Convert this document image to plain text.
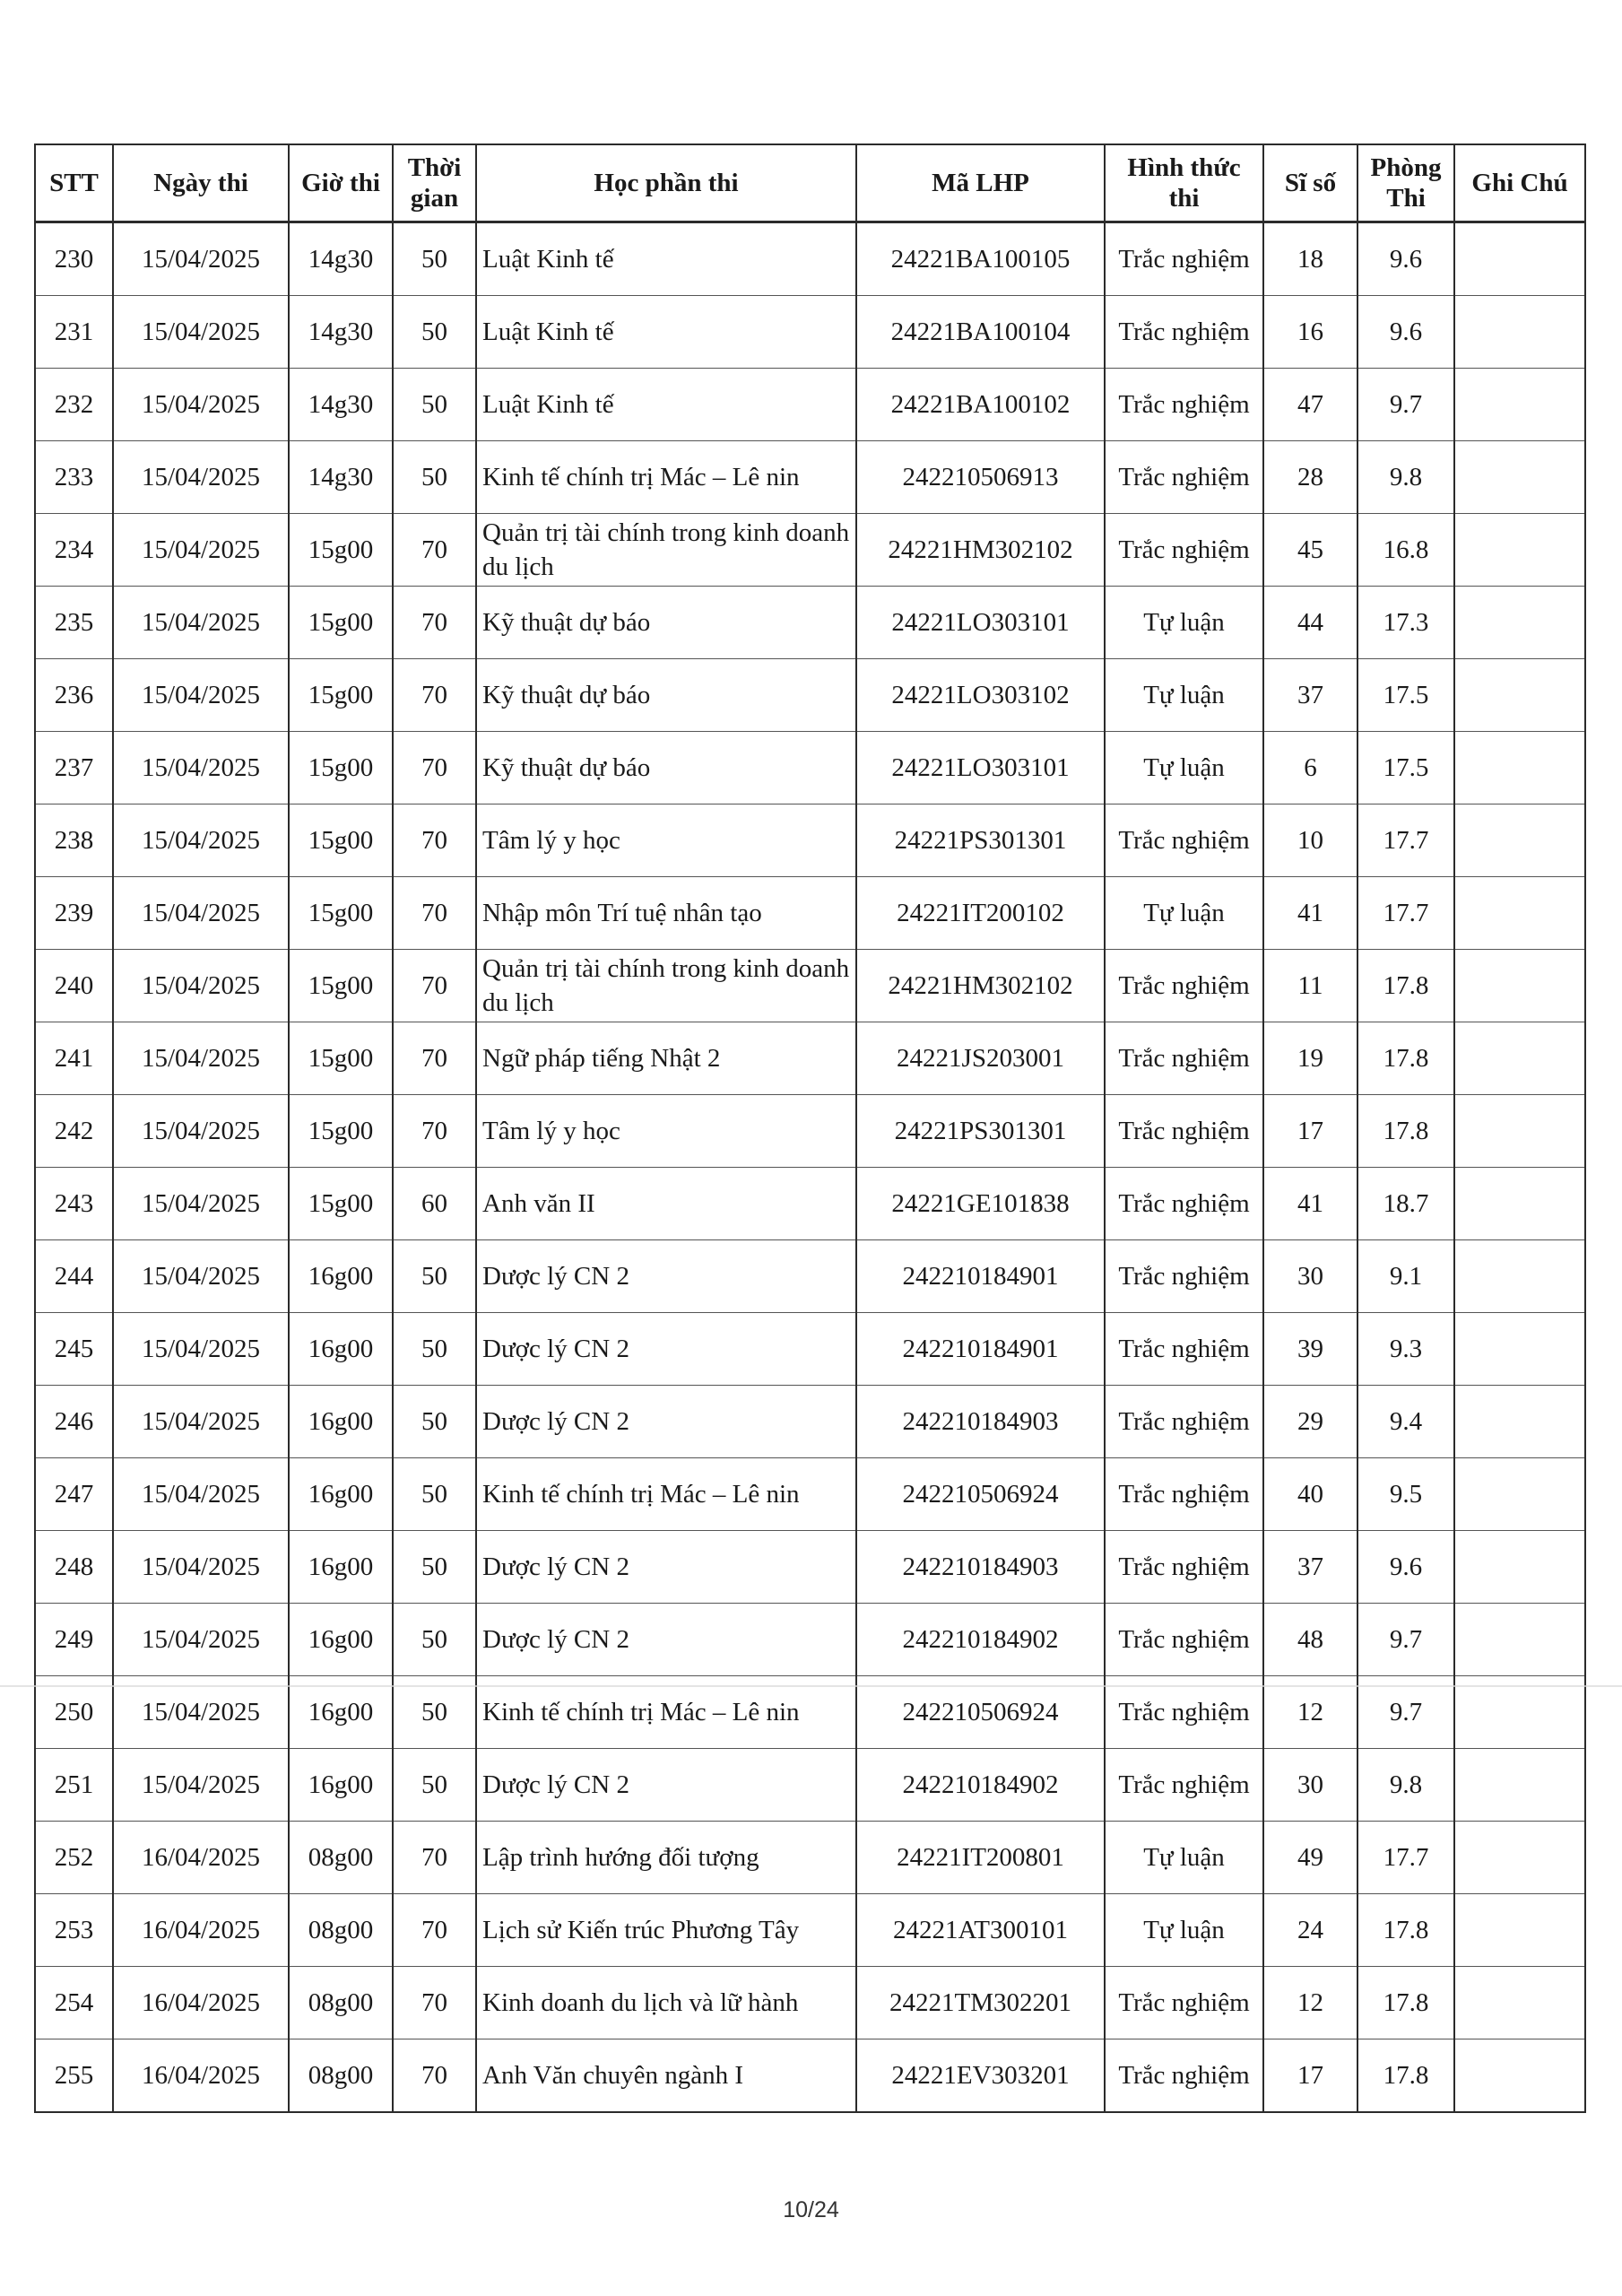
STT	Ngày thi	Giờ thi	Thời gian	Học phần thi	Mã LHP	Hình thức thi	Sĩ số	Phòng Thi	Ghi Chú
230	15/04/2025	14g30	50	Luật Kinh tế	24221BA100105	Trắc nghiệm	18	9.6	
231	15/04/2025	14g30	50	Luật Kinh tế	24221BA100104	Trắc nghiệm	16	9.6	
232	15/04/2025	14g30	50	Luật Kinh tế	24221BA100102	Trắc nghiệm	47	9.7	
233	15/04/2025	14g30	50	Kinh tế chính trị Mác – Lê nin	242210506913	Trắc nghiệm	28	9.8	
234	15/04/2025	15g00	70	Quản trị tài chính trong kinh doanh du lịch	24221HM302102	Trắc nghiệm	45	16.8	
235	15/04/2025	15g00	70	Kỹ thuật dự báo	24221LO303101	Tự luận	44	17.3	
236	15/04/2025	15g00	70	Kỹ thuật dự báo	24221LO303102	Tự luận	37	17.5	
237	15/04/2025	15g00	70	Kỹ thuật dự báo	24221LO303101	Tự luận	6	17.5	
238	15/04/2025	15g00	70	Tâm lý y học	24221PS301301	Trắc nghiệm	10	17.7	
239	15/04/2025	15g00	70	Nhập môn Trí tuệ nhân tạo	24221IT200102	Tự luận	41	17.7	
240	15/04/2025	15g00	70	Quản trị tài chính trong kinh doanh du lịch	24221HM302102	Trắc nghiệm	11	17.8	
241	15/04/2025	15g00	70	Ngữ pháp tiếng Nhật 2	24221JS203001	Trắc nghiệm	19	17.8	
242	15/04/2025	15g00	70	Tâm lý y học	24221PS301301	Trắc nghiệm	17	17.8	
243	15/04/2025	15g00	60	Anh văn II	24221GE101838	Trắc nghiệm	41	18.7	
244	15/04/2025	16g00	50	Dược lý CN 2	242210184901	Trắc nghiệm	30	9.1	
245	15/04/2025	16g00	50	Dược lý CN 2	242210184901	Trắc nghiệm	39	9.3	
246	15/04/2025	16g00	50	Dược lý CN 2	242210184903	Trắc nghiệm	29	9.4	
247	15/04/2025	16g00	50	Kinh tế chính trị Mác – Lê nin	242210506924	Trắc nghiệm	40	9.5	
248	15/04/2025	16g00	50	Dược lý CN 2	242210184903	Trắc nghiệm	37	9.6	
249	15/04/2025	16g00	50	Dược lý CN 2	242210184902	Trắc nghiệm	48	9.7	
250	15/04/2025	16g00	50	Kinh tế chính trị Mác – Lê nin	242210506924	Trắc nghiệm	12	9.7	
251	15/04/2025	16g00	50	Dược lý CN 2	242210184902	Trắc nghiệm	30	9.8	
252	16/04/2025	08g00	70	Lập trình hướng đối tượng	24221IT200801	Tự luận	49	17.7	
253	16/04/2025	08g00	70	Lịch sử Kiến trúc Phương Tây	24221AT300101	Tự luận	24	17.8	
254	16/04/2025	08g00	70	Kinh doanh du lịch và lữ hành	24221TM302201	Trắc nghiệm	12	17.8	
255	16/04/2025	08g00	70	Anh Văn chuyên ngành I	24221EV303201	Trắc nghiệm	17	17.8	
10/24
